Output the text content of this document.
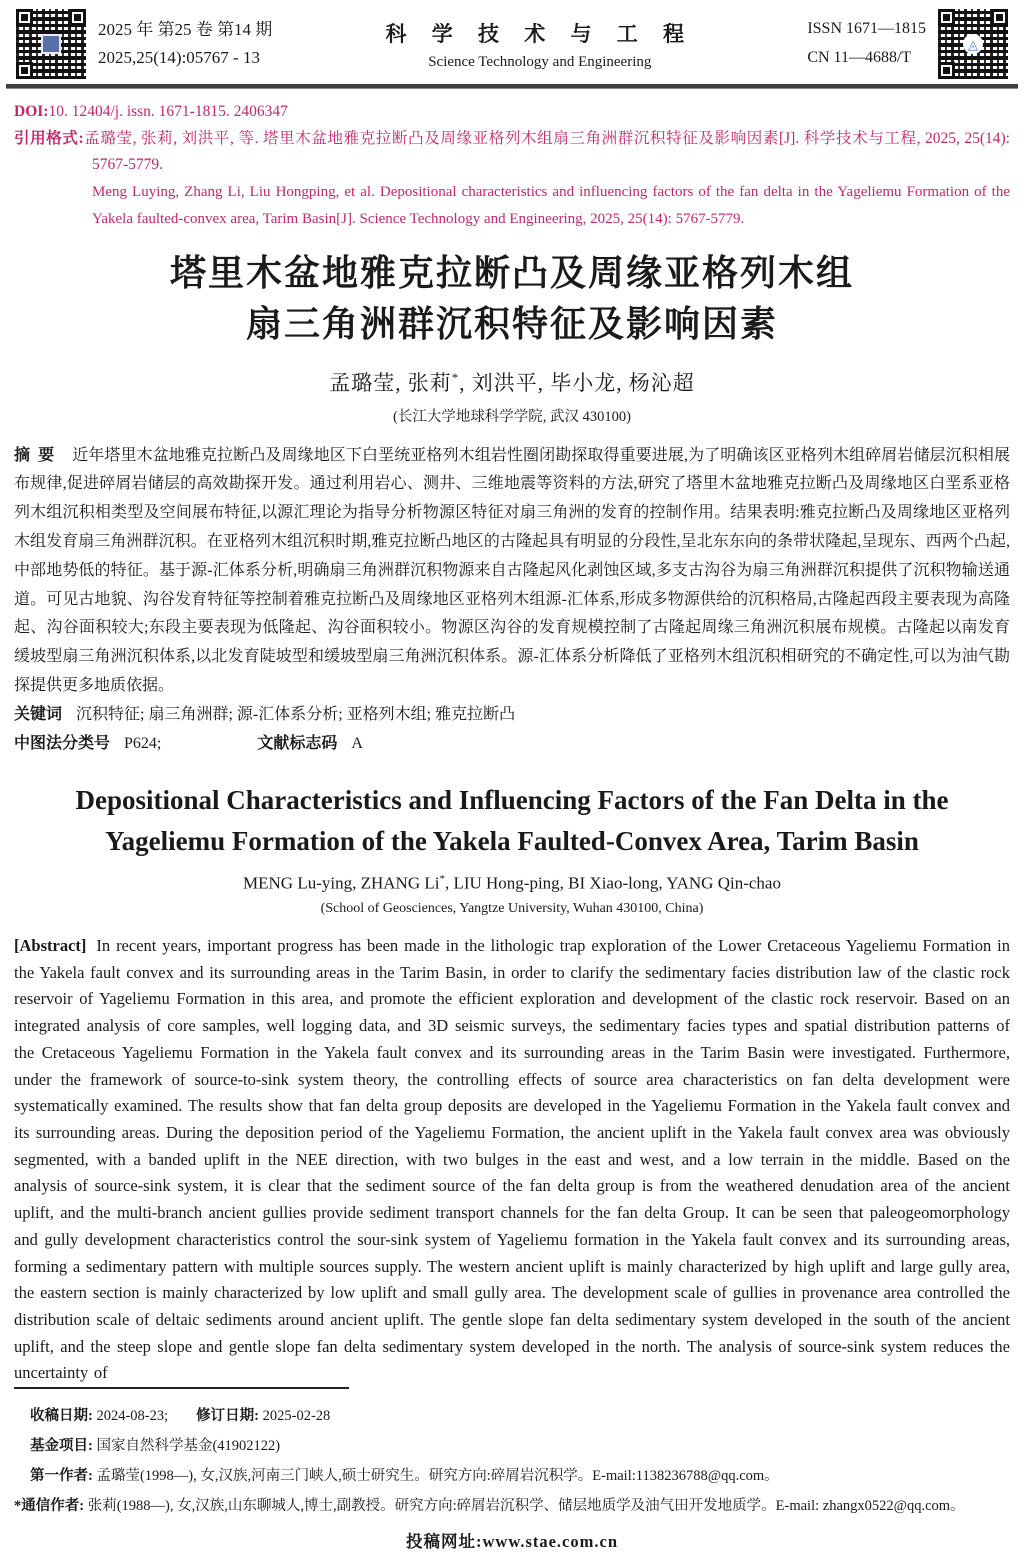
2025 年 第25 卷 第14 期
2025,25(14):05767 - 13
科 学 技 术 与 工 程
Science Technology and Engineering
ISSN 1671—1815
CN 11—4688/T
◬

DOI:10. 12404/j. issn. 1671-1815. 2406347

引用格式:孟璐莹, 张莉, 刘洪平, 等. 塔里木盆地雅克拉断凸及周缘亚格列木组扇三角洲群沉积特征及影响因素[J]. 科学技术与工程, 2025, 25(14): 5767-5779.

Meng Luying, Zhang Li, Liu Hongping, et al. Depositional characteristics and influencing factors of the fan delta in the Yageliemu Formation of the Yakela faulted-convex area, Tarim Basin[J]. Science Technology and Engineering, 2025, 25(14): 5767-5779.

塔里木盆地雅克拉断凸及周缘亚格列木组
扇三角洲群沉积特征及影响因素

孟璐莹, 张莉*, 刘洪平, 毕小龙, 杨沁超

(长江大学地球科学学院, 武汉 430100)

摘要 近年塔里木盆地雅克拉断凸及周缘地区下白垩统亚格列木组岩性圈闭勘探取得重要进展,为了明确该区亚格列木组碎屑岩储层沉积相展布规律,促进碎屑岩储层的高效勘探开发。通过利用岩心、测井、三维地震等资料的方法,研究了塔里木盆地雅克拉断凸及周缘地区白垩系亚格列木组沉积相类型及空间展布特征,以源汇理论为指导分析物源区特征对扇三角洲的发育的控制作用。结果表明:雅克拉断凸及周缘地区亚格列木组发育扇三角洲群沉积。在亚格列木组沉积时期,雅克拉断凸地区的古隆起具有明显的分段性,呈北东东向的条带状隆起,呈现东、西两个凸起,中部地势低的特征。基于源-汇体系分析,明确扇三角洲群沉积物源来自古隆起风化剥蚀区域,多支古沟谷为扇三角洲群沉积提供了沉积物输送通道。可见古地貌、沟谷发育特征等控制着雅克拉断凸及周缘地区亚格列木组源-汇体系,形成多物源供给的沉积格局,古隆起西段主要表现为高隆起、沟谷面积较大;东段主要表现为低隆起、沟谷面积较小。物源区沟谷的发育规模控制了古隆起周缘三角洲沉积展布规模。古隆起以南发育缓坡型扇三角洲沉积体系,以北发育陡坡型和缓坡型扇三角洲沉积体系。源-汇体系分析降低了亚格列木组沉积相研究的不确定性,可以为油气勘探提供更多地质依据。

关键词 沉积特征; 扇三角洲群; 源-汇体系分析; 亚格列木组; 雅克拉断凸

中图法分类号 P624;	文献标志码 A

Depositional Characteristics and Influencing Factors of the Fan Delta in the
Yageliemu Formation of the Yakela Faulted-Convex Area, Tarim Basin

MENG Lu-ying, ZHANG Li*, LIU Hong-ping, BI Xiao-long, YANG Qin-chao

(School of Geosciences, Yangtze University, Wuhan 430100, China)

[Abstract] In recent years, important progress has been made in the lithologic trap exploration of the Lower Cretaceous Yageliemu Formation in the Yakela fault convex and its surrounding areas in the Tarim Basin, in order to clarify the sedimentary facies distribution law of the clastic rock reservoir of Yageliemu Formation in this area, and promote the efficient exploration and development of the clastic rock reservoir. Based on an integrated analysis of core samples, well logging data, and 3D seismic surveys, the sedimentary facies types and spatial distribution patterns of the Cretaceous Yageliemu Formation in the Yakela fault convex and its surrounding areas in the Tarim Basin were investigated. Furthermore, under the framework of source-to-sink system theory, the controlling effects of source area characteristics on fan delta development were systematically examined. The results show that fan delta group deposits are developed in the Yageliemu Formation in the Yakela fault convex and its surrounding areas. During the deposition period of the Yageliemu Formation, the ancient uplift in the Yakela fault convex area was obviously segmented, with a banded uplift in the NEE direction, with two bulges in the east and west, and a low terrain in the middle. Based on the analysis of source-sink system, it is clear that the sediment source of the fan delta group is from the weathered denudation area of the ancient uplift, and the multi-branch ancient gullies provide sediment transport channels for the fan delta Group. It can be seen that paleogeomorphology and gully development characteristics control the sour-sink system of Yageliemu formation in the Yakela fault convex and its surrounding areas, forming a sedimentary pattern with multiple sources supply. The western ancient uplift is mainly characterized by high uplift and large gully area, the eastern section is mainly characterized by low uplift and small gully area. The development scale of gullies in provenance area controlled the distribution scale of deltaic sediments around ancient uplift. The gentle slope fan delta sedimentary system developed in the south of the ancient uplift, and the steep slope and gentle slope fan delta sedimentary system developed in the north. The analysis of source-sink system reduces the uncertainty of

收稿日期: 2024-08-23; 修订日期: 2025-02-28

基金项目: 国家自然科学基金(41902122)

第一作者: 孟璐莹(1998—), 女,汉族,河南三门峡人,硕士研究生。研究方向:碎屑岩沉积学。E-mail:1138236788@qq.com。

*通信作者: 张莉(1988—), 女,汉族,山东聊城人,博士,副教授。研究方向:碎屑岩沉积学、储层地质学及油气田开发地质学。E-mail: zhangx0522@qq.com。

投稿网址:www.stae.com.cn
